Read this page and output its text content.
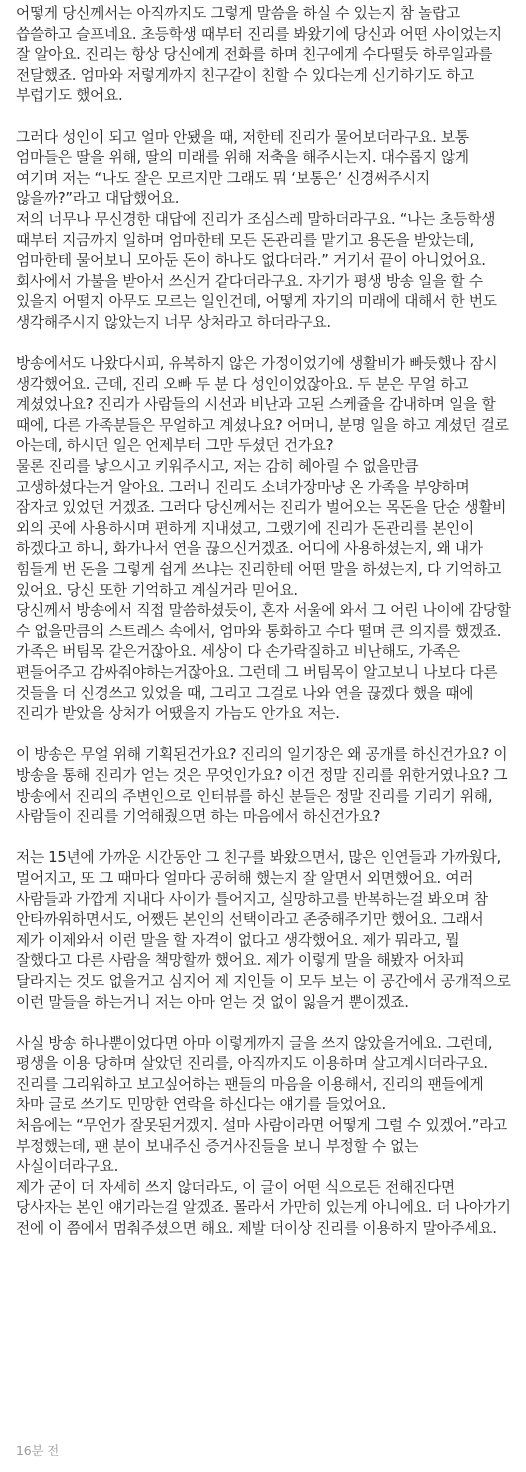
어떻게 당신께서는 아직까지도 그렇게 말씀을 하실 수 있는지 참 놀랍고 씁쓸하고 슬프네요. 초등학생 때부터 진리를 봐왔기에 당신과 어떤 사이었는지 잘 알아요. 진리는 항상 당신에게 전화를 하며 친구에게 수다떨듯 하루일과를 전달했죠. 엄마와 저렇게까지 친구같이 친할 수 있다는게 신기하기도 하고 부럽기도 했어요.

그러다 성인이 되고 얼마 안됐을 때, 저한테 진리가 물어보더라구요. 보통 엄마들은 딸을 위해, 딸의 미래를 위해 저축을 해주시는지. 대수롭지 않게 여기며 저는 “나도 잘은 모르지만 그래도 뭐 ‘보통은’ 신경써주시지 않을까?”라고 대답했어요.

저의 너무나 무신경한 대답에 진리가 조심스레 말하더라구요. “나는 초등학생 때부터 지금까지 일하며 엄마한테 모든 돈관리를 맡기고 용돈을 받았는데, 엄마한테 물어보니 모아둔 돈이 하나도 없다더라.” 거기서 끝이 아니었어요. 회사에서 가불을 받아서 쓰신거 같다더라구요. 자기가 평생 방송 일을 할 수 있을지 어떨지 아무도 모르는 일인건데, 어떻게 자기의 미래에 대해서 한 번도 생각해주시지 않았는지 너무 상처라고 하더라구요.

방송에서도 나왔다시피, 유복하지 않은 가정이었기에 생활비가 빠듯했나 잠시 생각했어요. 근데, 진리 오빠 두 분 다 성인이었잖아요. 두 분은 무얼 하고 계셨었나요? 진리가 사람들의 시선과 비난과 고된 스케쥴을 감내하며 일을 할 때에, 다른 가족분들은 무얼하고 계셨나요? 어머니, 분명 일을 하고 계셨던 걸로 아는데, 하시던 일은 언제부터 그만 두셨던 건가요?

물론 진리를 낳으시고 키워주시고, 저는 감히 헤아릴 수 없을만큼 고생하셨다는거 알아요. 그러니 진리도 소녀가장마냥 온 가족을 부양하며 잠자코 있었던 거겠죠. 그러다 당신께서는 진리가 벌어오는 목돈을 단순 생활비 외의 곳에 사용하시며 편하게 지내셨고, 그랬기에 진리가 돈관리를 본인이 하겠다고 하니, 화가나서 연을 끊으신거겠죠. 어디에 사용하셨는지, 왜 내가 힘들게 번 돈을 그렇게 쉽게 쓰냐는 진리한테 어떤 말을 하셨는지, 다 기억하고 있어요. 당신 또한 기억하고 계실거라 믿어요.

당신께서 방송에서 직접 말씀하셨듯이, 혼자 서울에 와서 그 어린 나이에 감당할 수 없을만큼의 스트레스 속에서, 엄마와 통화하고 수다 떨며 큰 의지를 했겠죠. 가족은 버팀목 같은거잖아요. 세상이 다 손가락질하고 비난해도, 가족은 편들어주고 감싸줘야하는거잖아요. 그런데 그 버팀목이 알고보니 나보다 다른 것들을 더 신경쓰고 있었을 때, 그리고 그걸로 나와 연을 끊겠다 했을 때에 진리가 받았을 상처가 어땠을지 가늠도 안가요 저는.

이 방송은 무얼 위해 기획된건가요? 진리의 일기장은 왜 공개를 하신건가요? 이 방송을 통해 진리가 얻는 것은 무엇인가요? 이건 정말 진리를 위한거였나요? 그 방송에서 진리의 주변인으로 인터뷰를 하신 분들은 정말 진리를 기리기 위해, 사람들이 진리를 기억해줬으면 하는 마음에서 하신건가요?

저는 15년에 가까운 시간동안 그 친구를 봐왔으면서, 많은 인연들과 가까웠다, 멀어지고, 또 그 때마다 얼마다 공허해 했는지 잘 알면서 외면했어요. 여러 사람들과 가깝게 지내다 사이가 틀어지고, 실망하고를 반복하는걸 봐오며 참 안타까워하면서도, 어쨌든 본인의 선택이라고 존중해주기만 했어요. 그래서 제가 이제와서 이런 말을 할 자격이 없다고 생각했어요. 제가 뭐라고, 뭘 잘했다고 다른 사람을 책망할까 했어요. 제가 이렇게 말을 해봤자 어차피 달라지는 것도 없을거고 심지어 제 지인들 이 모두 보는 이 공간에서 공개적으로 이런 말들을 하는거니 저는 아마 얻는 것 없이 잃을거 뿐이겠죠.

사실 방송 하나뿐이었다면 아마 이렇게까지 글을 쓰지 않았을거에요. 그런데, 평생을 이용 당하며 살았던 진리를, 아직까지도 이용하며 살고계시더라구요. 진리를 그리워하고 보고싶어하는 팬들의 마음을 이용해서, 진리의 팬들에게 차마 글로 쓰기도 민망한 연락을 하신다는 얘기를 들었어요.

처음에는 “무언가 잘못된거겠지. 설마 사람이라면 어떻게 그럴 수 있겠어.”라고 부정했는데, 팬 분이 보내주신 증거사진들을 보니 부정할 수 없는 사실이더라구요.

제가 굳이 더 자세히 쓰지 않더라도, 이 글이 어떤 식으로든 전해진다면 당사자는 본인 얘기라는걸 알겠죠. 몰라서 가만히 있는게 아니에요. 더 나아가기 전에 이 쯤에서 멈춰주셨으면 해요. 제발 더이상 진리를 이용하지 말아주세요.

16분 전
